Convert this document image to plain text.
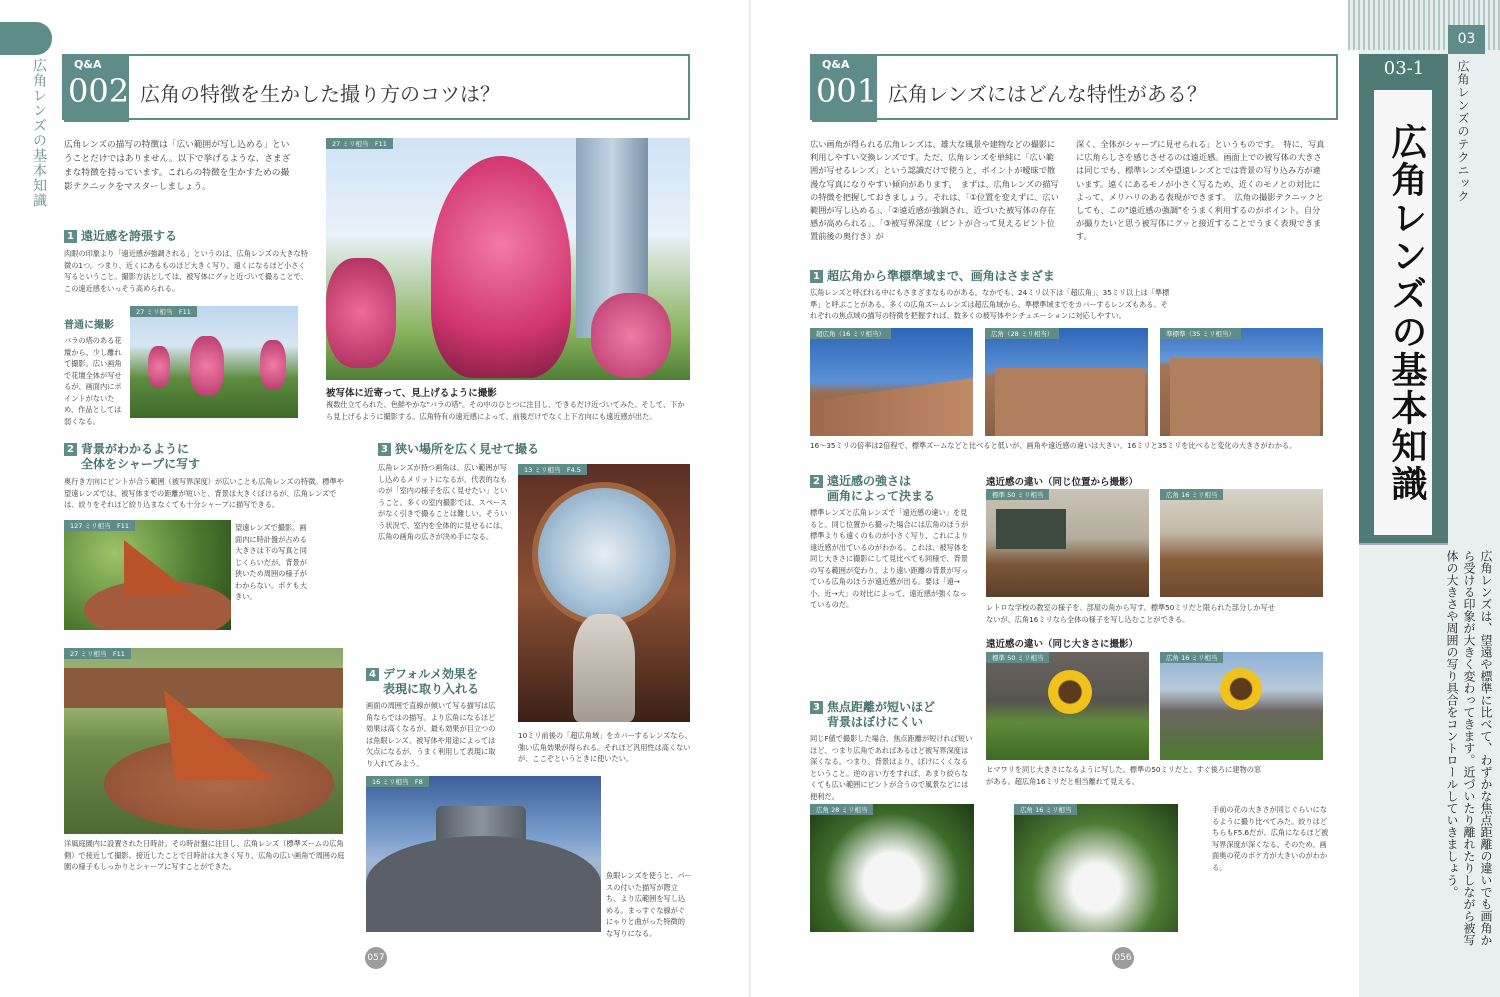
広角レンズの基本知識 Q&A
002 広角の特徴を生かした撮り方のコツは？
広角レンズの描写の特徴は「広い範囲が写し込める」ということだけではありません。以下で挙げるような、さまざまな特徴を持っています。これらの特徴を生かすための撮影テクニックをマスターしましょう。
27 ミリ相当　F11
被写体に近寄って、見上げるように撮影
複数仕立てられた、色鮮やかな"バラの塔"。その中のひとつに注目し、できるだけ近づいてみた。そして、下から見上げるように撮影する。広角特有の遠近感によって、前後だけでなく上下方向にも遠近感が出た。
1 遠近感を誇張する
肉眼の印象より「遠近感が強調される」というのは、広角レンズの大きな特徴の1つ。つまり、近くにあるものほど大きく写り、遠くになるほど小さく写るということ。撮影方法としては、被写体にグッと近づいて撮ることで、この遠近感をいっそう高められる。
普通に撮影
バラの塔のある花壇から、少し離れて撮影。広い画角で花壇全体が写せるが、画面内にポイントがないため、作品としては弱くなる。
27 ミリ相当　F11
2 背景がわかるように
全体をシャープに写す
奥行き方向にピントが合う範囲（被写界深度）が広いことも広角レンズの特徴。標準や望遠レンズでは、被写体までの距離が短いと、背景は大きくぼけるが、広角レンズでは、絞りをそれほど絞り込まなくても十分シャープに描写できる。
127 ミリ相当　F11	望遠レンズで撮影。画面内に時計盤が占める大きさは下の写真と同じくらいだが、背景が狭いため周囲の様子がわからない。ボケも大きい。
27 ミリ相当　F11
洋風庭園内に設置された日時計。その時計盤に注目し、広角レンズ（標準ズームの広角側）で接近して撮影。接近したことで日時計は大きく写り、広角の広い画角で周囲の庭園の様子もしっかりとシャープに写すことができた。
3 狭い場所を広く見せて撮る
広角レンズが持つ画角は、広い範囲が写し込めるメリットになるが、代表的なものが「室内の様子を広く見せたい」ということ。多くの室内撮影では、スペースがなく引きで撮ることは難しい。そういう状況で、室内を全体的に見せるには、広角の画角の広さが決め手になる。
13 ミリ相当　F4.5
10ミリ前後の「超広角域」をカバーするレンズなら、強い広角効果が得られる。それほど汎用性は高くないが、ここぞというときに使いたい。
4 デフォルメ効果を
表現に取り入れる
画面の周囲で直線が傾いて写る描写は広角ならではの描写。より広角になるほど効果は高くなるが、最も効果が目立つのは魚眼レンズ。被写体や用途によっては欠点になるが、うまく利用して表現に取り入れてみよう。
16 ミリ相当　F8
魚眼レンズを使うと、パースの付いた描写が際立ち、より広範囲を写し込める。まっすぐな線がぐにゃりと曲がった特徴的な写りになる。
057
Q&A
001 広角レンズにはどんな特性がある？
広い画角が得られる広角レンズは、雄大な風景や建物などの撮影に利用しやすい交換レンズです。ただ、広角レンズを単純に「広い範囲が写せるレンズ」という認識だけで使うと、ポイントが曖昧で散漫な写真になりやすい傾向があります。　まずは、広角レンズの描写の特徴を把握しておきましょう。それは、「①位置を変えずに、広い範囲が写し込める」、「②遠近感が強調され、近づいた被写体の存在感が高められる」、「③被写界深度（ピントが合って見えるピント位置前後の奥行き）が
深く、全体がシャープに見せられる」というものです。　特に、写真に広角らしさを感じさせるのは遠近感。画面上での被写体の大きさは同じでも、標準レンズや望遠レンズとでは背景の写り込み方が違います。遠くにあるモノが小さく写るため、近くのモノとの対比によって、メリハリのある表現ができます。　広角の撮影テクニックとしても、この"遠近感の強調"をうまく利用するのがポイント。自分が撮りたいと思う被写体にグッと接近することでうまく表現できます。
1 超広角から準標準域まで、画角はさまざま
広角レンズと呼ばれる中にもさまざまなものがある。なかでも、24ミリ以下は「超広角」、35ミリ以上は「準標準」と呼ぶことがある。多くの広角ズームレンズは超広角域から、準標準域までをカバーするレンズもある。それぞれの焦点域の描写の特徴を把握すれば、数多くの被写体やシチュエーションに対応しやすい。
超広角（16 ミリ相当）	広角（28 ミリ相当）	準標準（35 ミリ相当）
16～35ミリの倍率は2倍程で、標準ズームなどと比べると低いが、画角や遠近感の違いは大きい。16ミリと35ミリを比べると変化の大きさがわかる。
2 遠近感の強さは
画角によって決まる
標準レンズと広角レンズで「遠近感の違い」を見ると、同じ位置から撮った場合には広角のほうが標準よりも遠くのものが小さく写り、これにより遠近感が出ているのがわかる。これは、被写体を同じ大きさに撮影にして見比べても同様で、背景の写る範囲が変わり、より遠い距離の背景が写っている広角のほうが遠近感が出る。要は「遠→小、近→大」の対比によって、遠近感が強くなっているのだ。
遠近感の違い（同じ位置から撮影）
標準 50 ミリ相当	広角 16 ミリ相当
レトロな学校の教室の様子を、部屋の角から写す。標準50ミリだと限られた部分しか写せないが、広角16ミリなら全体の様子を写し込むことができる。
遠近感の違い（同じ大きさに撮影）
標準 50 ミリ相当	広角 16 ミリ相当
ヒマワリを同じ大きさになるように写した。標準の50ミリだと、すぐ後ろに建物の窓がある。超広角16ミリだと相当離れて見える。
3 焦点距離が短いほど
背景はぼけにくい
同じF値で撮影した場合、焦点距離が短ければ短いほど、つまり広角であればあるほど被写界深度は深くなる。つまり、背景はより、ぼけにくくなるということ。逆の言い方をすれば、あまり絞らなくても広い範囲にピントが合うので風景などには便利だ。
広角 28 ミリ相当	広角 16 ミリ相当	手前の花の大きさが同じぐらいになるように撮り比べてみた。絞りはどちらもF5.6だが、広角になるほど被写界深度が深くなる。そのため、画面奥の花のボケ方が大きいのがわかる。
056
03
03-1
広角レンズの基本知識	広角レンズのテクニック
広角レンズは、望遠や標準に比べて、わずかな焦点距離の違いでも画角から受ける印象が大きく変わってきます。近づいたり離れたりしながら被写体の大きさや周囲の写り具合をコントロールしていきましょう。
